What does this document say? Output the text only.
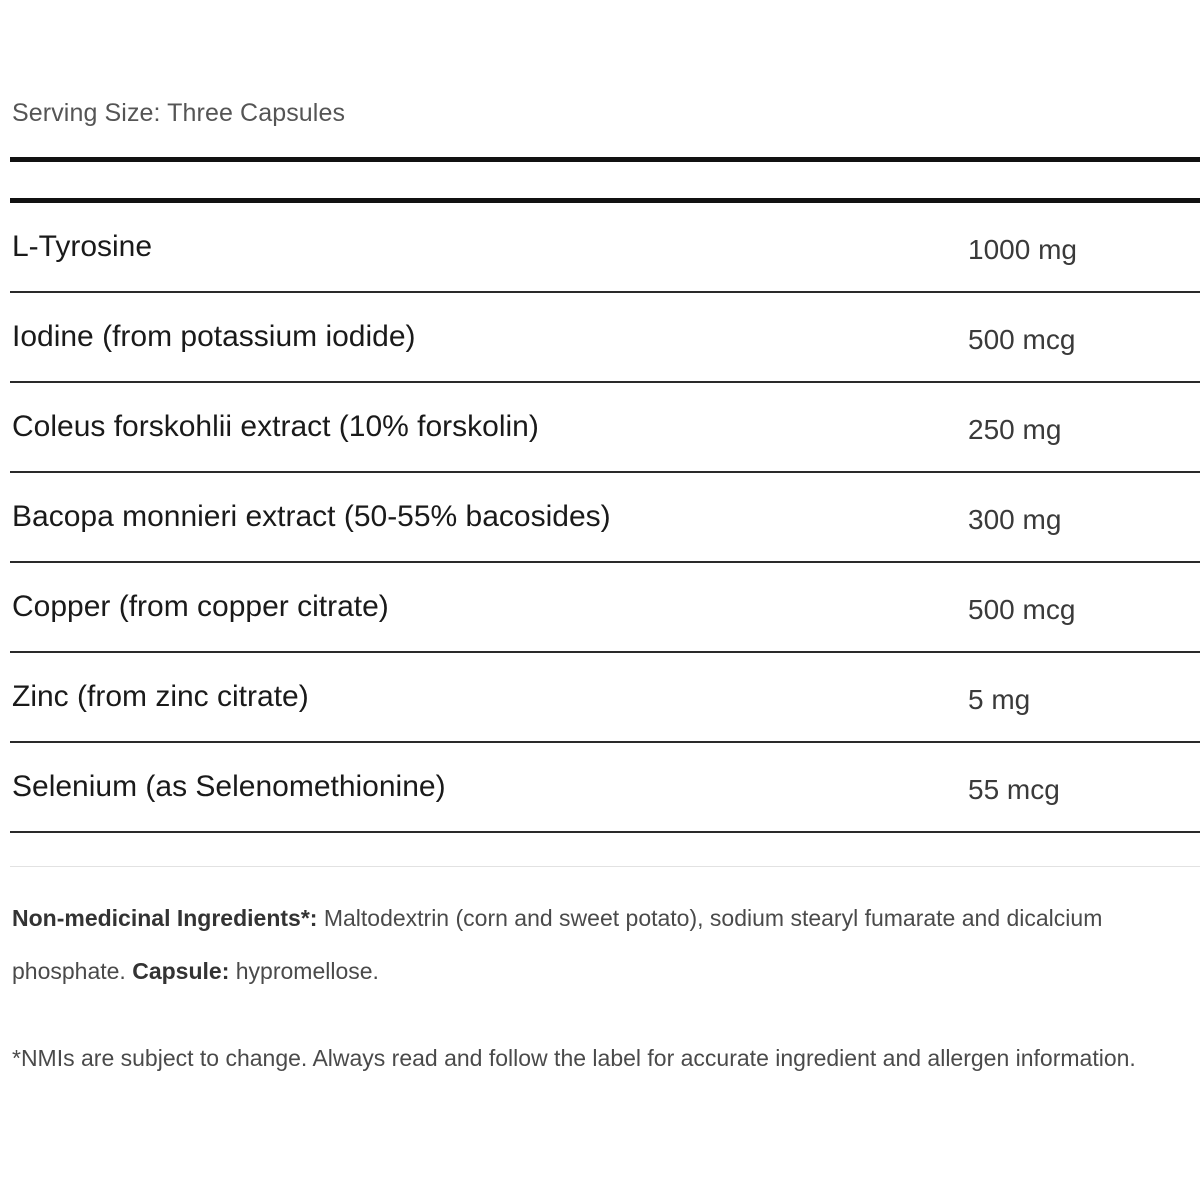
Serving Size: Three Capsules
L-Tyrosine	1000 mg
Iodine (from potassium iodide)	500 mcg
Coleus forskohlii extract (10% forskolin)	250 mg
Bacopa monnieri extract (50-55% bacosides)	300 mg
Copper (from copper citrate)	500 mcg
Zinc (from zinc citrate)	5 mg
Selenium (as Selenomethionine)	55 mcg
Non-medicinal Ingredients*: Maltodextrin (corn and sweet potato), sodium stearyl fumarate and dicalcium phosphate. Capsule: hypromellose.
*NMIs are subject to change. Always read and follow the label for accurate ingredient and allergen information.
